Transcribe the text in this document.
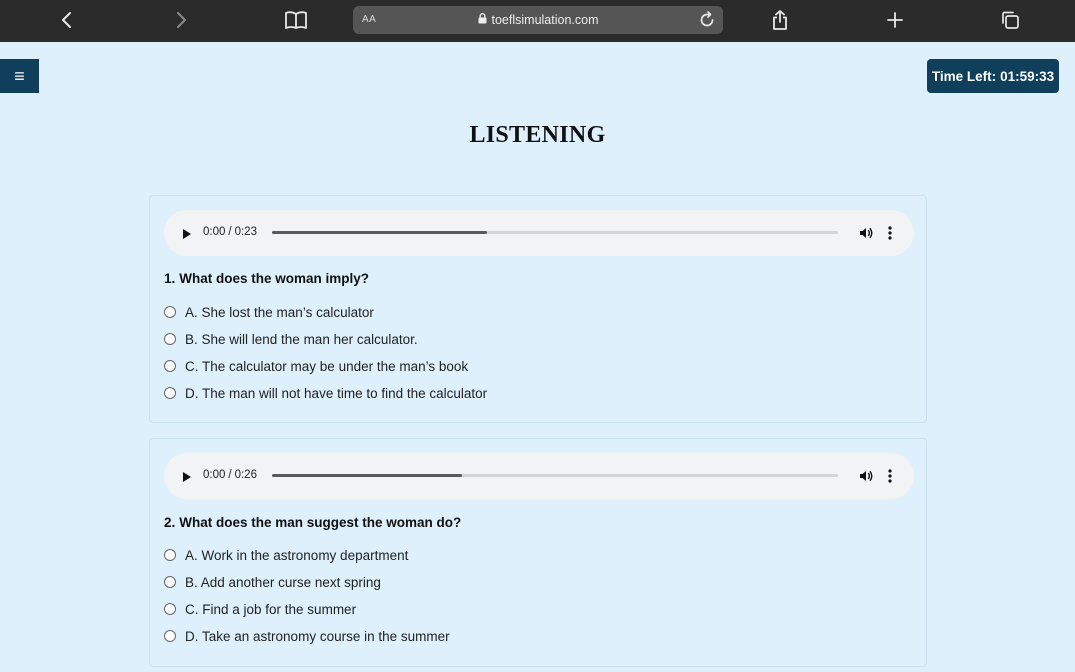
AA	toeflsimulation.com
≡	Time Left: 01:59:33
LISTENING
0:00 / 0:23
1. What does the woman imply?
A. She lost the man’s calculator
B. She will lend the man her calculator.
C. The calculator may be under the man’s book
D. The man will not have time to find the calculator
0:00 / 0:26
2. What does the man suggest the woman do?
A. Work in the astronomy department
B. Add another curse next spring
C. Find a job for the summer
D. Take an astronomy course in the summer
